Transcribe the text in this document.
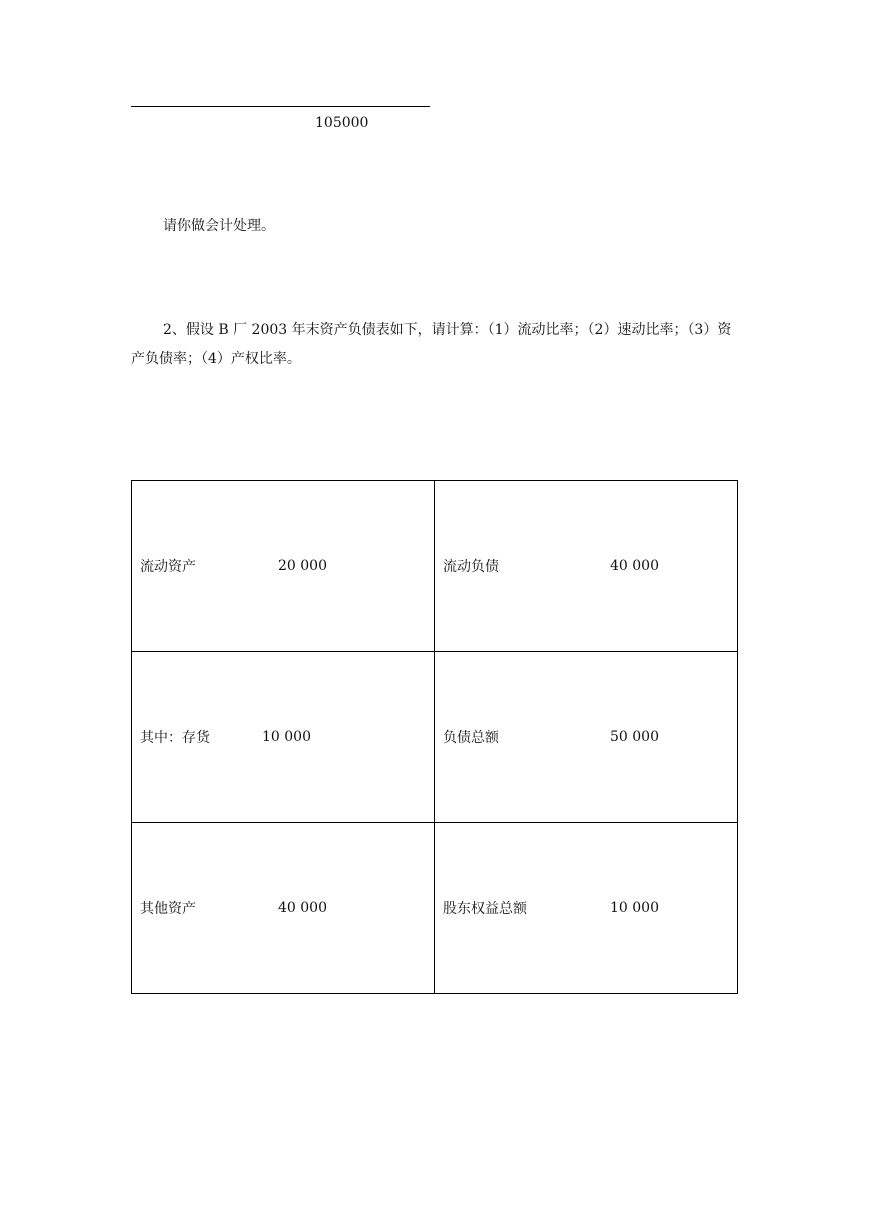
105000
请你做会计处理。

2、假设 B 厂 2003 年末资产负债表如下，请计算：（1）流动比率；（2）速动比率；（3）资产负债率；（4）产权比率。

流动资产 20 000	流动负债 40 000

其中：存货 10 000	负债总额 50 000

其他资产 40 000	股东权益总额 10 000
